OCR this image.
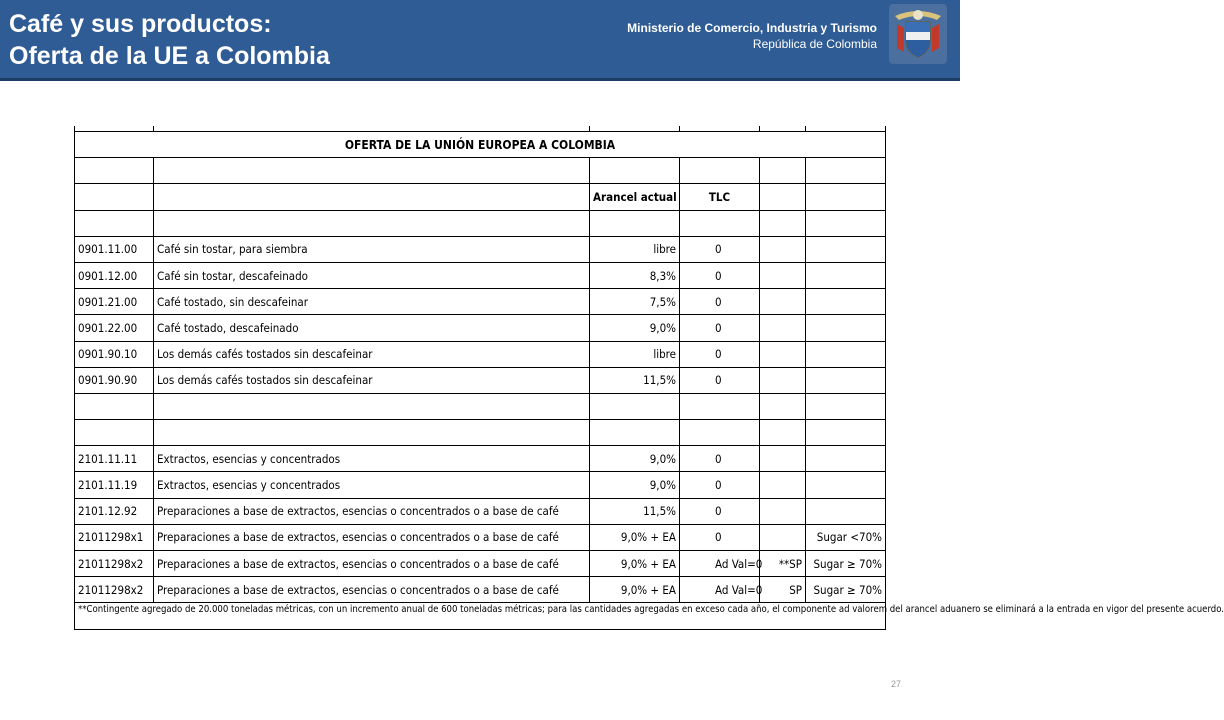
Café y sus productos:
Oferta de la UE a Colombia
Ministerio de Comercio, Industria y Turismo
República de Colombia

OFERTA DE LA UNIÓN EUROPEA A COLOMBIA					

		Arancel actual	TLC		

0901.11.00	Café sin tostar, para siembra	libre	0		
0901.12.00	Café sin tostar, descafeinado	8,3%	0		
0901.21.00	Café tostado, sin descafeinar	7,5%	0		
0901.22.00	Café tostado, descafeinado	9,0%	0		
0901.90.10	Los demás cafés tostados sin descafeinar	libre	0		
0901.90.90	Los demás cafés tostados sin descafeinar	11,5%	0		

2101.11.11	Extractos, esencias y concentrados	9,0%	0		
2101.11.19	Extractos, esencias y concentrados	9,0%	0		
2101.12.92	Preparaciones a base de extractos, esencias o concentrados o a base de café	11,5%	0		
21011298x1	Preparaciones a base de extractos, esencias o concentrados o a base de café	9,0% + EA	0		Sugar <70%
21011298x2	Preparaciones a base de extractos, esencias o concentrados o a base de café	9,0% + EA	Ad Val=0	**SP	Sugar ≥ 70%
21011298x2	Preparaciones a base de extractos, esencias o concentrados o a base de café	9,0% + EA	Ad Val=0	SP	Sugar ≥ 70%
**Contingente agregado de 20.000 toneladas métricas, con un incremento anual de 600 toneladas métricas; para las cantidades agregadas en exceso cada año, el componente ad valorem del arancel aduanero se eliminará a la entrada en vigor del presente acuerdo.					
27
